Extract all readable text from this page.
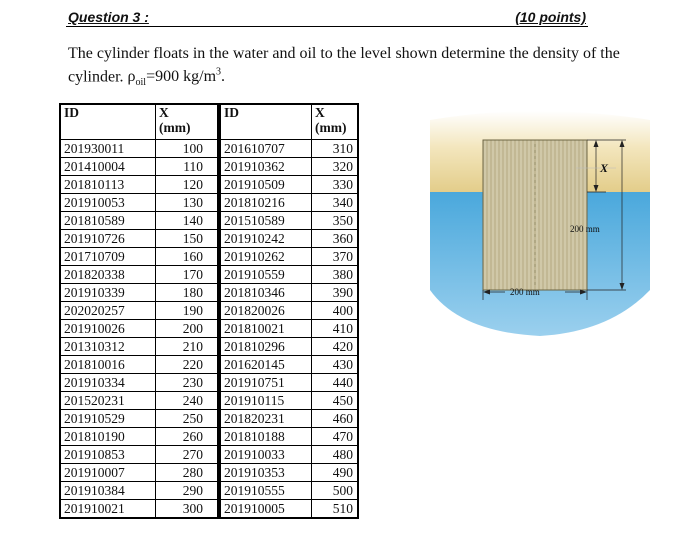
Question 3 :	(10 points)
The cylinder floats in the water and oil to the level shown determine the density of the cylinder. $\rho_{oil}=900$ $kg/m^3$.
ID	X
(mm)
201930011	100
201410004	110
201810113	120
201910053	130
201810589	140
201910726	150
201710709	160
201820338	170
201910339	180
202020257	190
201910026	200
201310312	210
201810016	220
201910334	230
201520231	240
201910529	250
201810190	260
201910853	270
201910007	280
201910384	290
201910021	300
ID	X
(mm)
201610707	310
201910362	320
201910509	330
201810216	340
201510589	350
201910242	360
201910262	370
201910559	380
201810346	390
201820026	400
201810021	410
201810296	420
201620145	430
201910751	440
201910115	450
201820231	460
201810188	470
201910033	480
201910353	490
201910555	500
201910005	510
X
200 mm
200 mm
